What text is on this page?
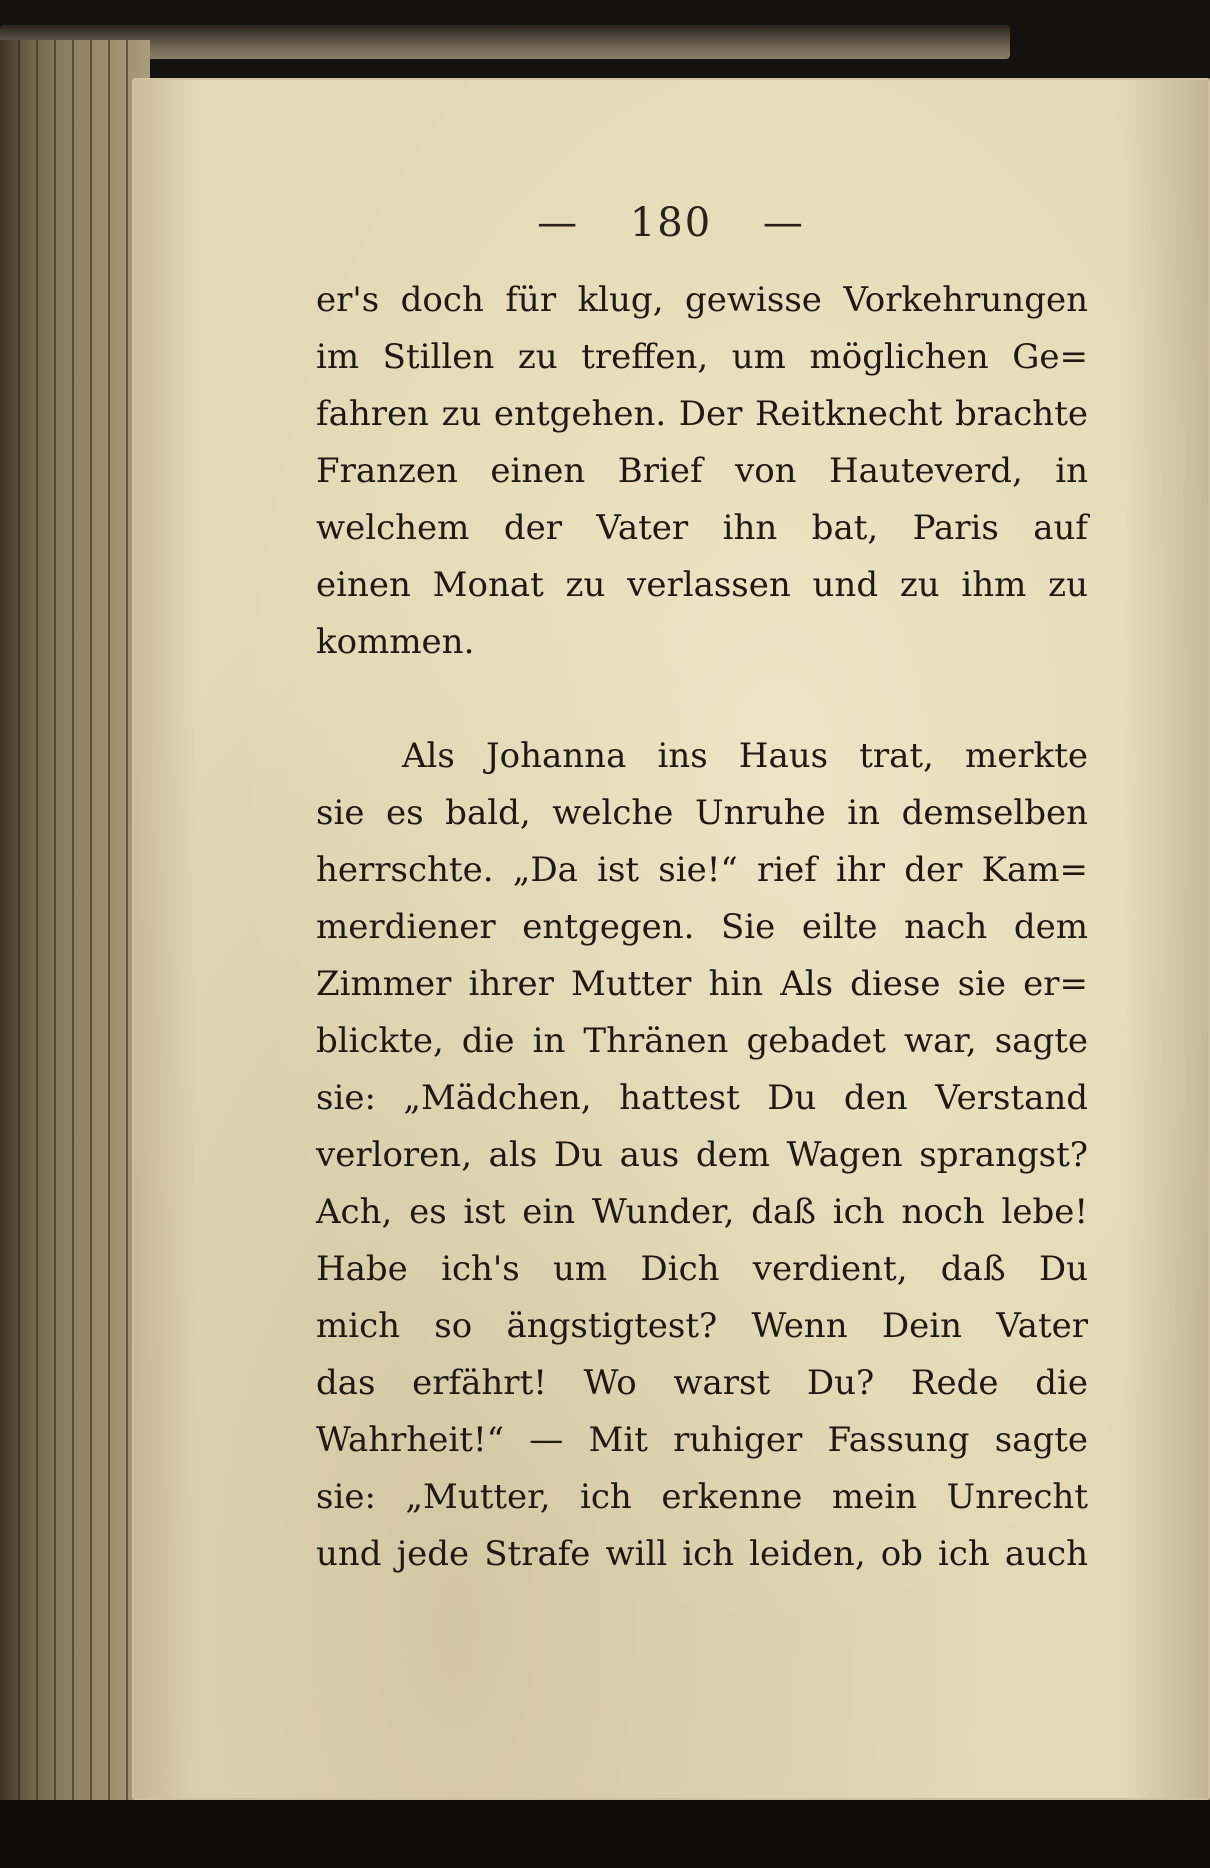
— 180 —

er's doch für klug, gewisse Vorkehrungen
im Stillen zu treffen, um möglichen Ge=
fahren zu entgehen. Der Reitknecht brachte
Franzen einen Brief von Hauteverd, in
welchem der Vater ihn bat, Paris auf
einen Monat zu verlassen und zu ihm zu
kommen.

Als Johanna ins Haus trat, merkte
sie es bald, welche Unruhe in demselben
herrschte. „Da ist sie!“ rief ihr der Kam=
merdiener entgegen. Sie eilte nach dem
Zimmer ihrer Mutter hin Als diese sie er=
blickte, die in Thränen gebadet war, sagte
sie: „Mädchen, hattest Du den Verstand
verloren, als Du aus dem Wagen sprangst?
Ach, es ist ein Wunder, daß ich noch lebe!
Habe ich's um Dich verdient, daß Du
mich so ängstigtest? Wenn Dein Vater
das erfährt! Wo warst Du? Rede die
Wahrheit!“ — Mit ruhiger Fassung sagte
sie: „Mutter, ich erkenne mein Unrecht
und jede Strafe will ich leiden, ob ich auch
